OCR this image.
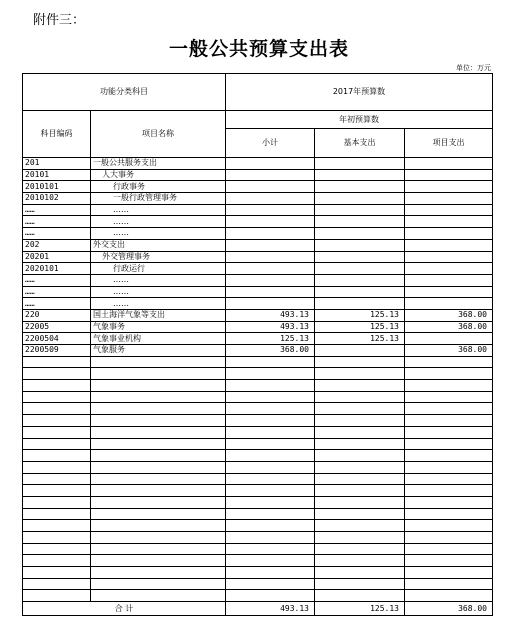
附件三：
一般公共预算支出表
单位：万元
功能分类科目		2017年预算数		
科目编码	项目名称	年初预算数		
		小计	基本支出	项目支出
201	一般公共服务支出			
20101	人大事务			
2010101	行政事务			
2010102	一般行政管理事务			
……	……			
……	……			
……	……			
202	外交支出			
20201	外交管理事务			
2020101	行政运行			
……	……			
……	……			
……	……			
220	国土海洋气象等支出	493.13	125.13	368.00
22005	气象事务	493.13	125.13	368.00
2200504	气象事业机构	125.13	125.13	
2200509	气象服务	368.00		368.00

合 计		493.13	125.13	368.00
